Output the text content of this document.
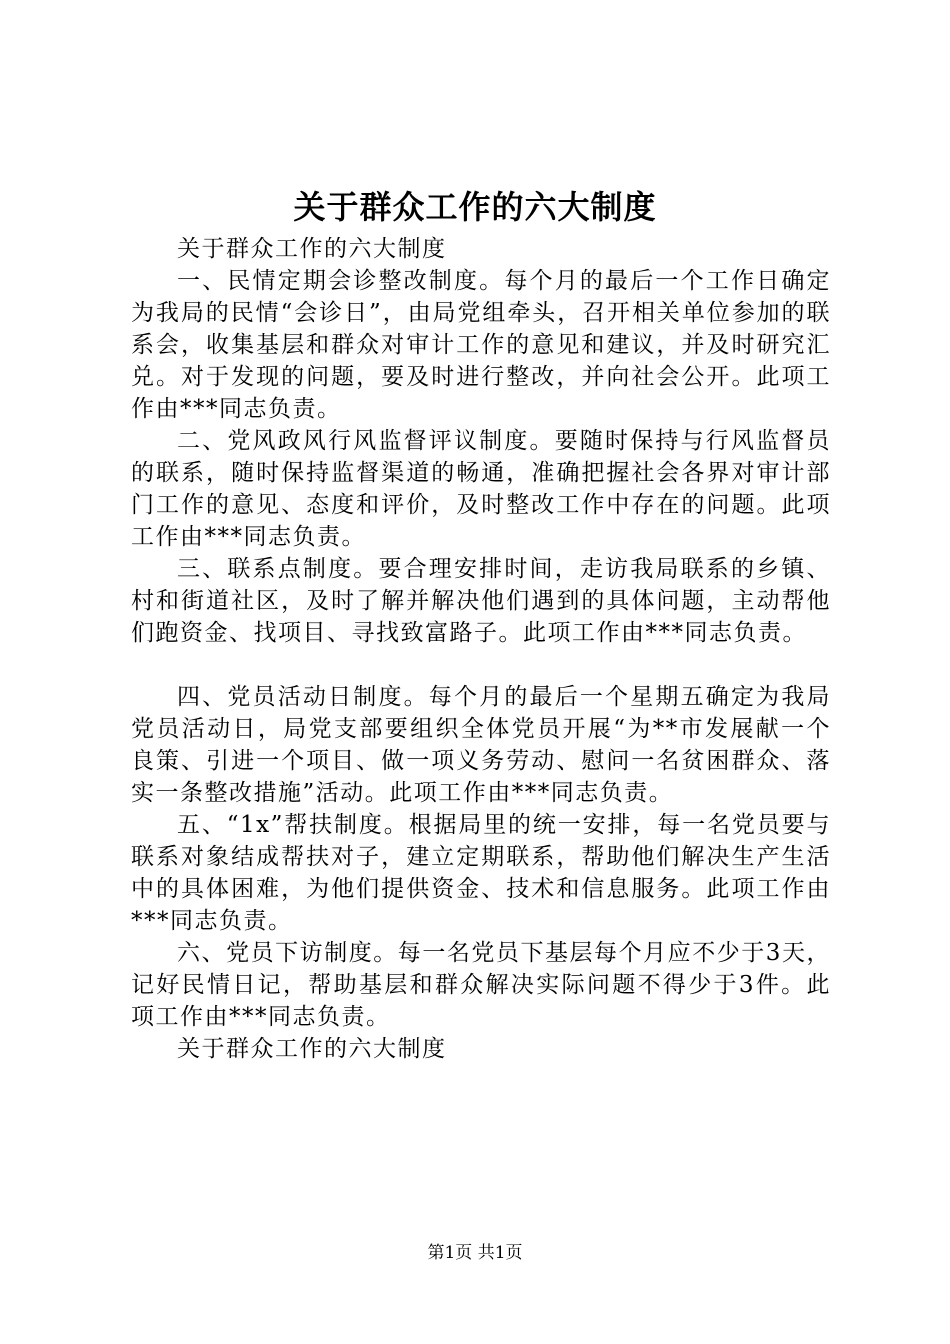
关于群众工作的六大制度

关于群众工作的六大制度

一、民情定期会诊整改制度。每个月的最后一个工作日确定为我局的民情“会诊日”，由局党组牵头，召开相关单位参加的联系会，收集基层和群众对审计工作的意见和建议，并及时研究汇兑。对于发现的问题，要及时进行整改，并向社会公开。此项工作由***同志负责。

二、党风政风行风监督评议制度。要随时保持与行风监督员的联系，随时保持监督渠道的畅通，准确把握社会各界对审计部门工作的意见、态度和评价，及时整改工作中存在的问题。此项工作由***同志负责。

三、联系点制度。要合理安排时间，走访我局联系的乡镇、村和街道社区，及时了解并解决他们遇到的具体问题，主动帮他们跑资金、找项目、寻找致富路子。此项工作由***同志负责。

四、党员活动日制度。每个月的最后一个星期五确定为我局党员活动日，局党支部要组织全体党员开展“为**市发展献一个良策、引进一个项目、做一项义务劳动、慰问一名贫困群众、落实一条整改措施”活动。此项工作由***同志负责。

五、“1x”帮扶制度。根据局里的统一安排，每一名党员要与联系对象结成帮扶对子，建立定期联系，帮助他们解决生产生活中的具体困难，为他们提供资金、技术和信息服务。此项工作由***同志负责。

六、党员下访制度。每一名党员下基层每个月应不少于3天，记好民情日记，帮助基层和群众解决实际问题不得少于3件。此项工作由***同志负责。

关于群众工作的六大制度

第1页 共1页
